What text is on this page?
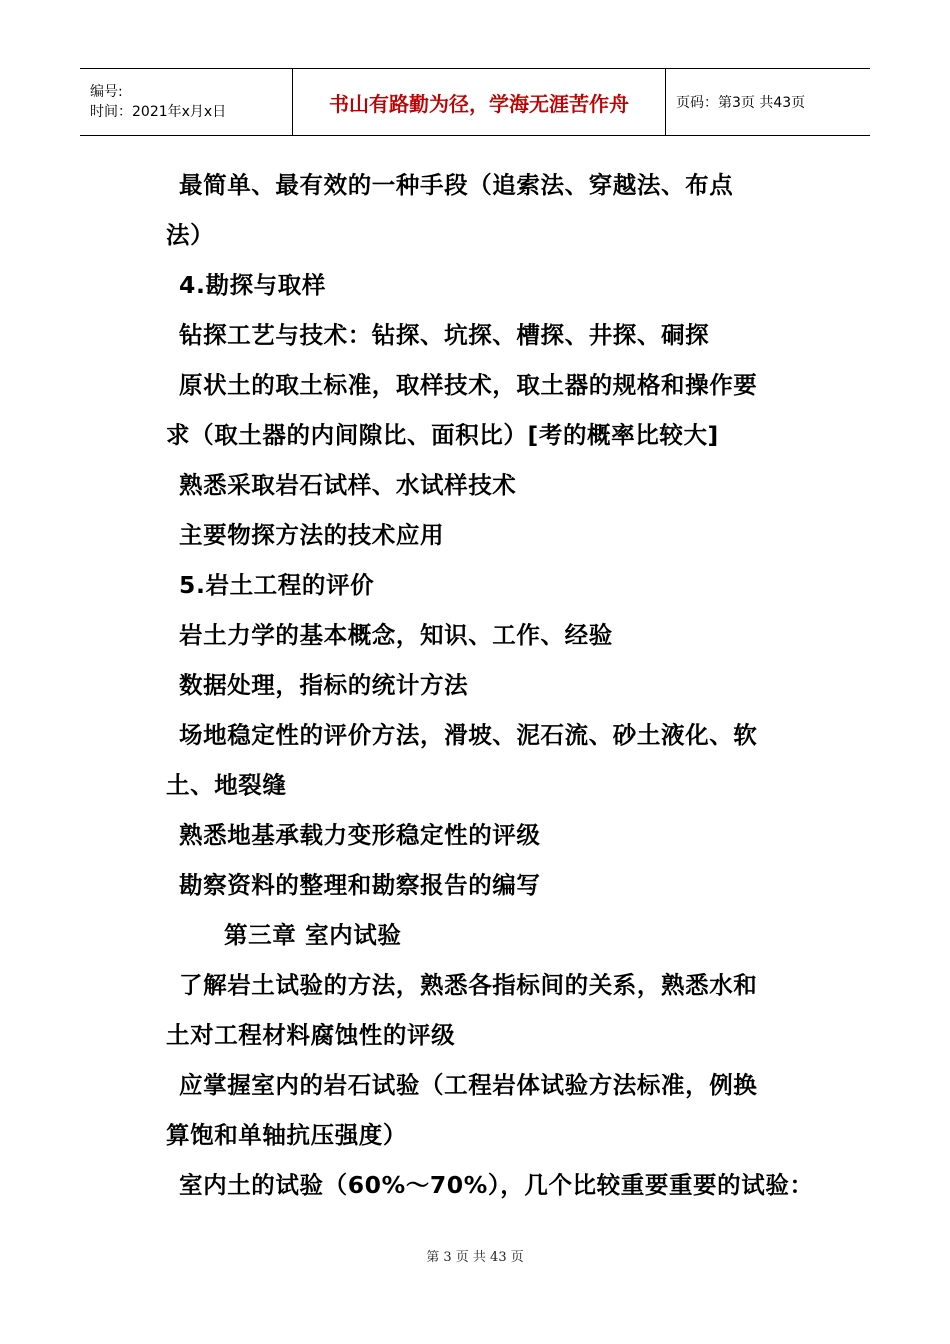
编号:
时间：2021年x月x日	书山有路勤为径，学海无涯苦作舟	页码：第3页 共43页
最简单、最有效的一种手段（追索法、穿越法、布点
法）
4.勘探与取样
钻探工艺与技术：钻探、坑探、槽探、井探、硐探
原状土的取土标准，取样技术，取土器的规格和操作要
求（取土器的内间隙比、面积比）[考的概率比较大]
熟悉采取岩石试样、水试样技术
主要物探方法的技术应用
5.岩土工程的评价
岩土力学的基本概念，知识、工作、经验
数据处理，指标的统计方法
场地稳定性的评价方法，滑坡、泥石流、砂土液化、软
土、地裂缝
熟悉地基承载力变形稳定性的评级
勘察资料的整理和勘察报告的编写
第三章 室内试验
了解岩土试验的方法，熟悉各指标间的关系，熟悉水和
土对工程材料腐蚀性的评级
应掌握室内的岩石试验（工程岩体试验方法标准，例换
算饱和单轴抗压强度）
室内土的试验（60%～70%），几个比较重要重要的试验：
第 3 页 共 43 页
